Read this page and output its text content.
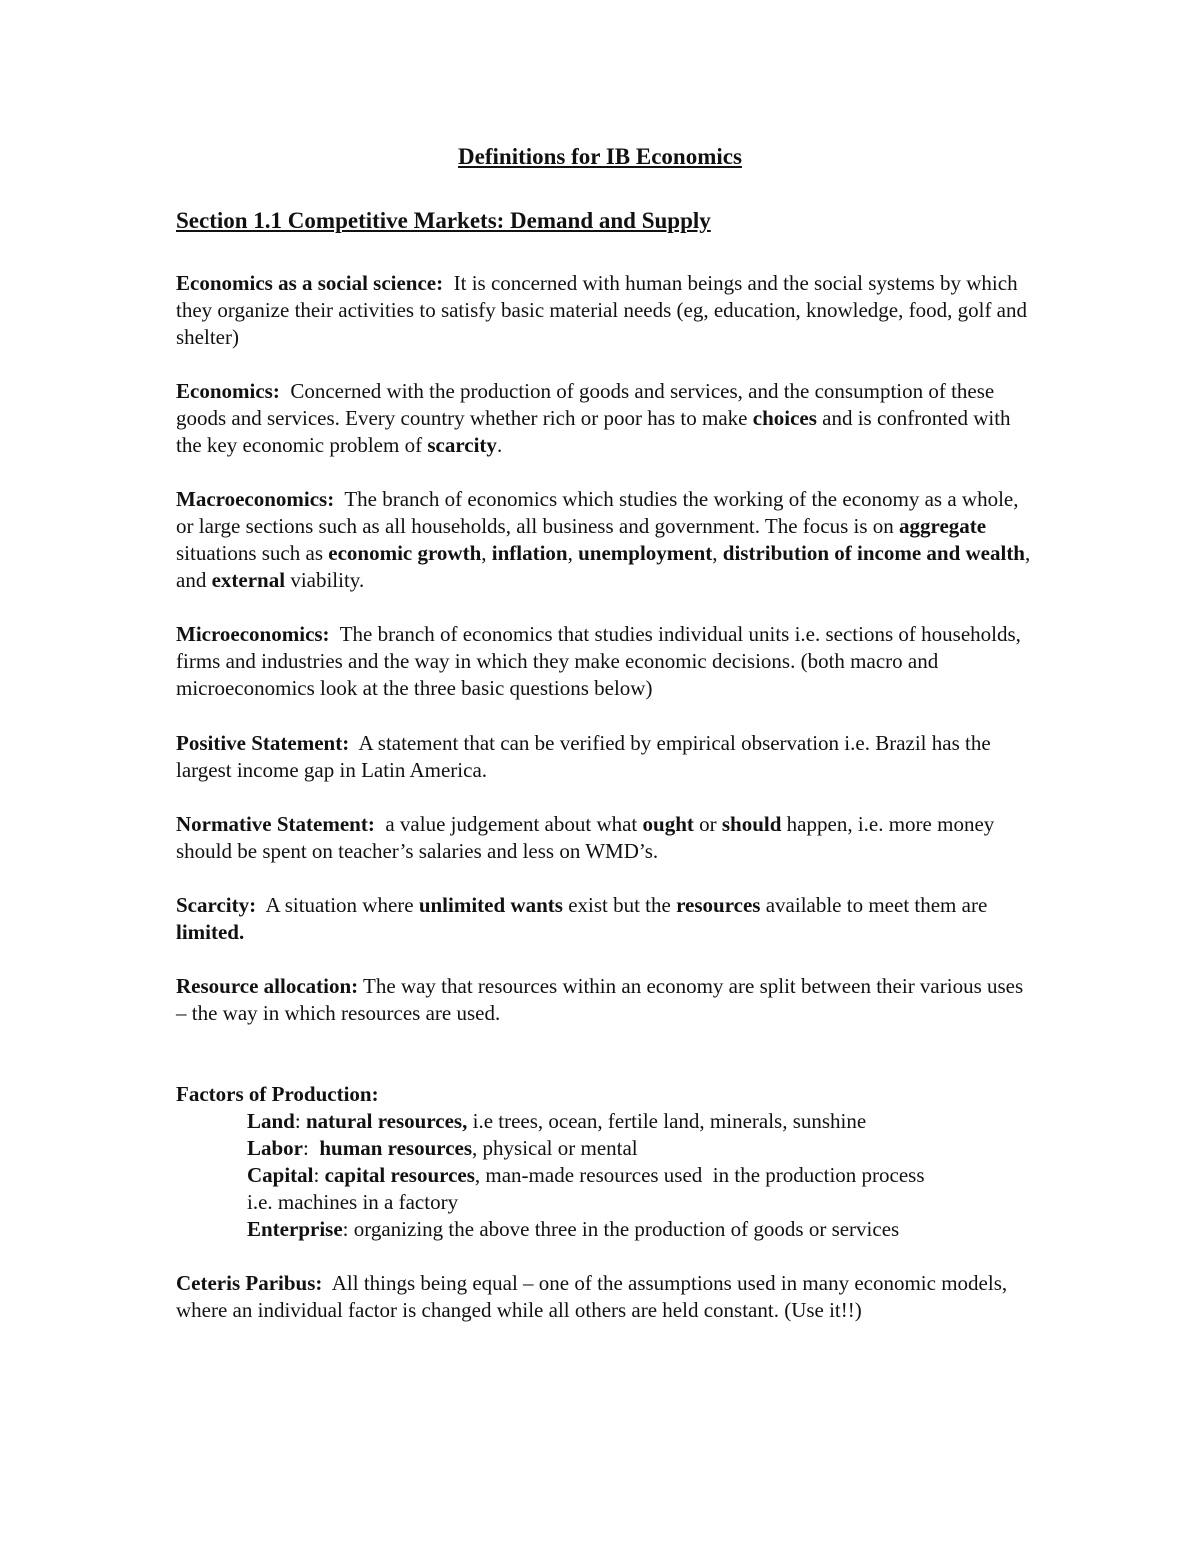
Definitions for IB Economics
Section 1.1 Competitive Markets: Demand and Supply

Economics as a social science: It is concerned with human beings and the social systems by which they organize their activities to satisfy basic material needs (eg, education, knowledge, food, golf and shelter)

Economics: Concerned with the production of goods and services, and the consumption of these goods and services. Every country whether rich or poor has to make choices and is confronted with the key economic problem of scarcity.

Macroeconomics: The branch of economics which studies the working of the economy as a whole, or large sections such as all households, all business and government. The focus is on aggregate situations such as economic growth, inflation, unemployment, distribution of income and wealth, and external viability.

Microeconomics: The branch of economics that studies individual units i.e. sections of households, firms and industries and the way in which they make economic decisions. (both macro and microeconomics look at the three basic questions below)

Positive Statement: A statement that can be verified by empirical observation i.e. Brazil has the largest income gap in Latin America.

Normative Statement: a value judgement about what ought or should happen, i.e. more money should be spent on teacher’s salaries and less on WMD’s.

Scarcity: A situation where unlimited wants exist but the resources available to meet them are limited.

Resource allocation: The way that resources within an economy are split between their various uses – the way in which resources are used.

Factors of Production:
Land: natural resources, i.e trees, ocean, fertile land, minerals, sunshine
Labor: human resources, physical or mental
Capital: capital resources, man-made resources used  in the production process
i.e. machines in a factory
Enterprise: organizing the above three in the production of goods or services

Ceteris Paribus: All things being equal – one of the assumptions used in many economic models, where an individual factor is changed while all others are held constant. (Use it!!)
